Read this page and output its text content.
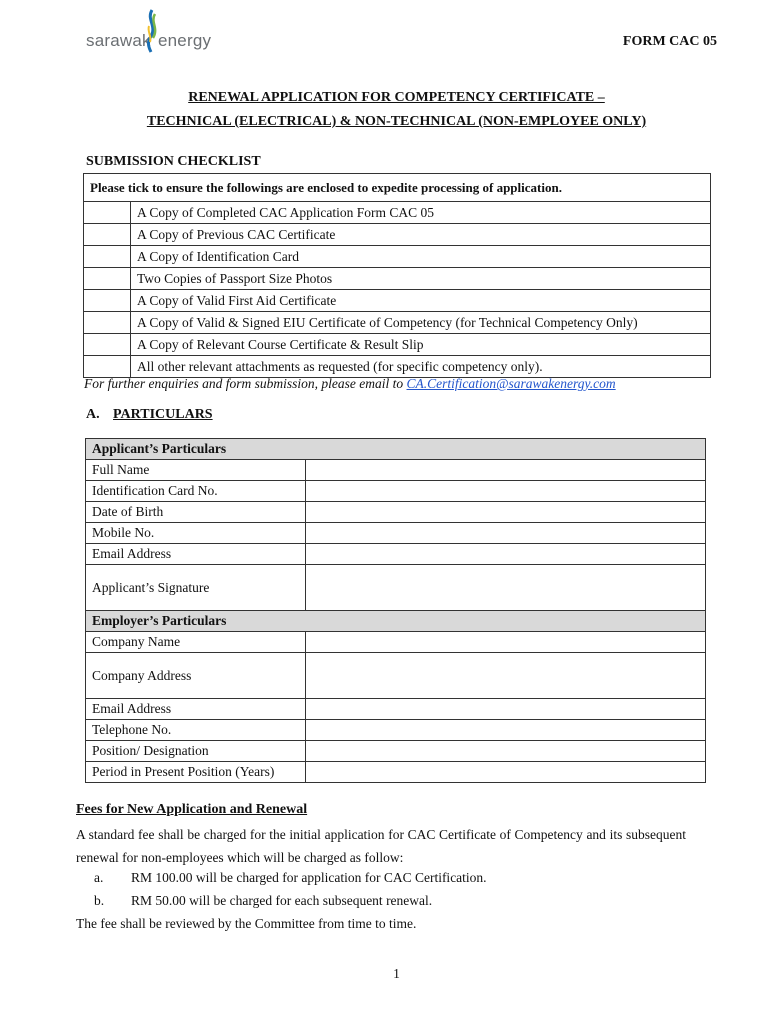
sarawak energy	FORM CAC 05
RENEWAL APPLICATION FOR COMPETENCY CERTIFICATE –
TECHNICAL (ELECTRICAL) & NON-TECHNICAL (NON-EMPLOYEE ONLY)
SUBMISSION CHECKLIST
Please tick to ensure the followings are enclosed to expedite processing of application.	
	A Copy of Completed CAC Application Form CAC 05
	A Copy of Previous CAC Certificate
	A Copy of Identification Card
	Two Copies of Passport Size Photos
	A Copy of Valid First Aid Certificate
	A Copy of Valid & Signed EIU Certificate of Competency (for Technical Competency Only)
	A Copy of Relevant Course Certificate & Result Slip
	All other relevant attachments as requested (for specific competency only).
For further enquiries and form submission, please email to CA.Certification@sarawakenergy.com
A. PARTICULARS
Applicant’s Particulars	
Full Name	
Identification Card No.	
Date of Birth	
Mobile No.	
Email Address	
Applicant’s Signature	
Employer’s Particulars	
Company Name	
Company Address	
Email Address	
Telephone No.	
Position/ Designation	
Period in Present Position (Years)	
Fees for New Application and Renewal
A standard fee shall be charged for the initial application for CAC Certificate of Competency and its subsequent renewal for non-employees which will be charged as follow:
a. RM 100.00 will be charged for application for CAC Certification.
b. RM 50.00 will be charged for each subsequent renewal.
The fee shall be reviewed by the Committee from time to time.
1
